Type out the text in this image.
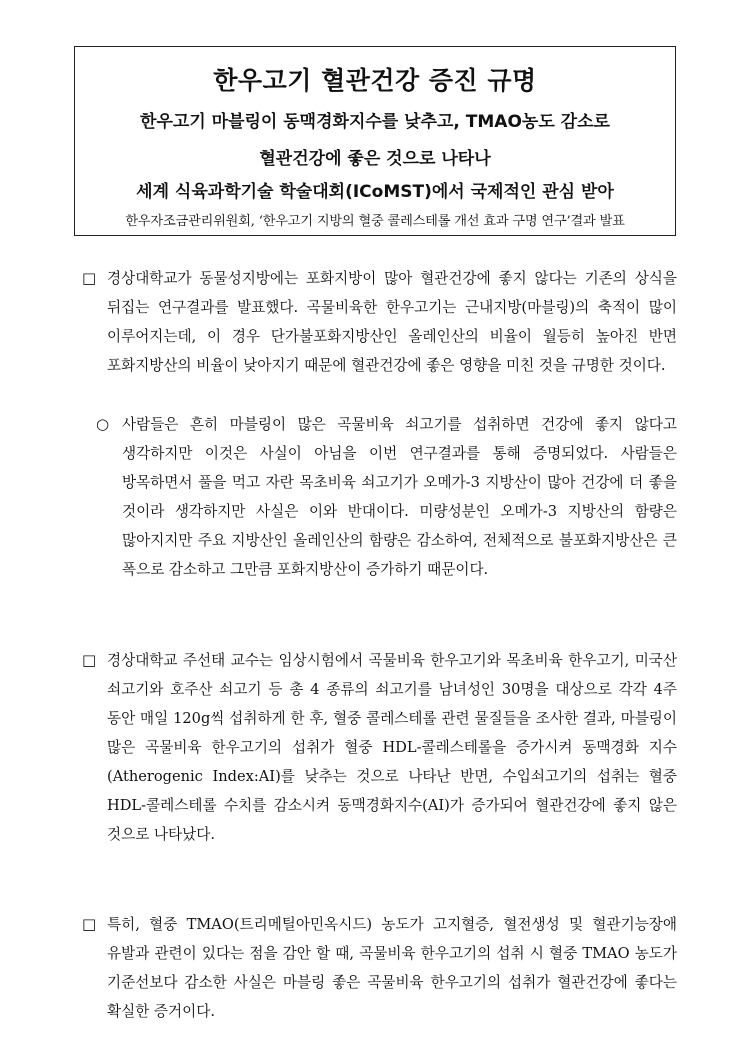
한우고기 혈관건강 증진 규명
한우고기 마블링이 동맥경화지수를 낮추고, TMAO농도 감소로
혈관건강에 좋은 것으로 나타나
세계 식육과학기술 학술대회(ICoMST)에서 국제적인 관심 받아
한우자조금관리위원회, ‘한우고기 지방의 혈중 콜레스테롤 개선 효과 구명 연구’결과 발표
□ 경상대학교가 동물성지방에는 포화지방이 많아 혈관건강에 좋지 않다는 기존의 상식을 뒤집는 연구결과를 발표했다. 곡물비육한 한우고기는 근내지방(마블링)의 축적이 많이 이루어지는데, 이 경우 단가불포화지방산인 올레인산의 비율이 월등히 높아진 반면 포화지방산의 비율이 낮아지기 때문에 혈관건강에 좋은 영향을 미친 것을 규명한 것이다.
○ 사람들은 흔히 마블링이 많은 곡물비육 쇠고기를 섭취하면 건강에 좋지 않다고 생각하지만 이것은 사실이 아님을 이번 연구결과를 통해 증명되었다. 사람들은 방목하면서 풀을 먹고 자란 목초비육 쇠고기가 오메가-3 지방산이 많아 건강에 더 좋을 것이라 생각하지만 사실은 이와 반대이다. 미량성분인 오메가-3 지방산의 함량은 많아지지만 주요 지방산인 올레인산의 함량은 감소하여, 전체적으로 불포화지방산은 큰 폭으로 감소하고 그만큼 포화지방산이 증가하기 때문이다.
□ 경상대학교 주선태 교수는 임상시험에서 곡물비육 한우고기와 목초비육 한우고기, 미국산 쇠고기와 호주산 쇠고기 등 총 4 종류의 쇠고기를 남녀성인 30명을 대상으로 각각 4주 동안 매일 120g씩 섭취하게 한 후, 혈중 콜레스테롤 관련 물질들을 조사한 결과, 마블링이 많은 곡물비육 한우고기의 섭취가 혈중 HDL-콜레스테롤을 증가시켜 동맥경화 지수(Atherogenic Index:AI)를 낮추는 것으로 나타난 반면, 수입쇠고기의 섭취는 혈중 HDL-콜레스테롤 수치를 감소시켜 동맥경화지수(AI)가 증가되어 혈관건강에 좋지 않은 것으로 나타났다.
□ 특히, 혈중 TMAO(트리메틸아민옥시드) 농도가 고지혈증, 혈전생성 및 혈관기능장애 유발과 관련이 있다는 점을 감안 할 때, 곡물비육 한우고기의 섭취 시 혈중 TMAO 농도가 기준선보다 감소한 사실은 마블링 좋은 곡물비육 한우고기의 섭취가 혈관건강에 좋다는 확실한 증거이다.
